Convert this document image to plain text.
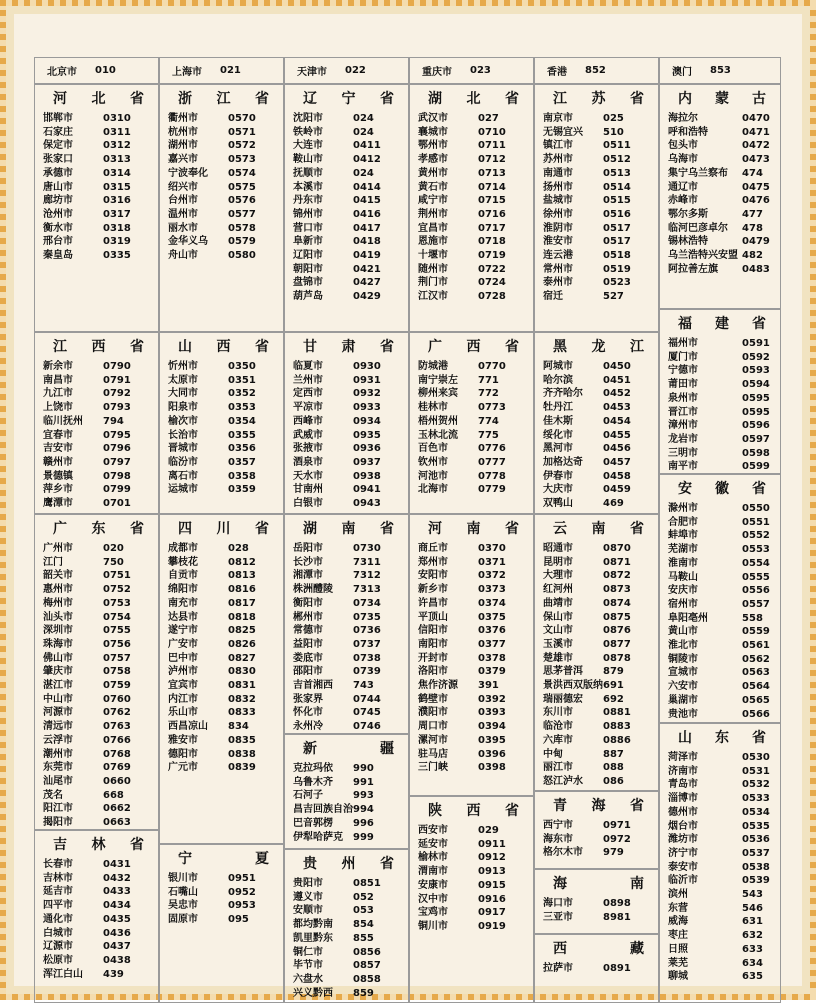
北京市 010	上海市 021	天津市 022	重庆市 023	香港 852	澳门 853
河 北 省
邯郸市	0310
石家庄	0311
保定市	0312
张家口	0313
承德市	0314
唐山市	0315
廊坊市	0316
沧州市	0317
衡水市	0318
邢台市	0319
秦皇岛	0335
江 西 省
新余市	0790
南昌市	0791
九江市	0792
上饶市	0793
临川抚州	794
宜春市	0795
吉安市	0796
赣州市	0797
景德镇	0798
萍乡市	0799
鹰潭市	0701
广 东 省
广州市	020
江门	750
韶关市	0751
惠州市	0752
梅州市	0753
汕头市	0754
深圳市	0755
珠海市	0756
佛山市	0757
肇庆市	0758
湛江市	0759
中山市	0760
河源市	0762
清远市	0763
云浮市	0766
潮州市	0768
东莞市	0769
汕尾市	0660
茂名	668
阳江市	0662
揭阳市	0663
吉 林 省
长春市	0431
吉林市	0432
延吉市	0433
四平市	0434
通化市	0435
白城市	0436
辽源市	0437
松原市	0438
浑江白山	439
浙 江 省
衢州市	0570
杭州市	0571
湖州市	0572
嘉兴市	0573
宁波奉化	0574
绍兴市	0575
台州市	0576
温州市	0577
丽水市	0578
金华义乌	0579
舟山市	0580
山 西 省
忻州市	0350
太原市	0351
大同市	0352
阳泉市	0353
榆次市	0354
长治市	0355
晋城市	0356
临汾市	0357
离石市	0358
运城市	0359
四 川 省
成都市	028
攀枝花	0812
自贡市	0813
绵阳市	0816
南充市	0817
达县市	0818
遂宁市	0825
广安市	0826
巴中市	0827
泸州市	0830
宜宾市	0831
内江市	0832
乐山市	0833
西昌凉山	834
雅安市	0835
德阳市	0838
广元市	0839
宁	夏
银川市	0951
石嘴山	0952
吴忠市	0953
固原市	095
辽 宁 省
沈阳市	024
铁岭市	024
大连市	0411
鞍山市	0412
抚顺市	024
本溪市	0414
丹东市	0415
锦州市	0416
营口市	0417
阜新市	0418
辽阳市	0419
朝阳市	0421
盘锦市	0427
葫芦岛	0429
甘 肃 省
临夏市	0930
兰州市	0931
定西市	0932
平凉市	0933
西峰市	0934
武威市	0935
张掖市	0936
酒泉市	0937
天水市	0938
甘南州	0941
白银市	0943
湖 南 省
岳阳市	0730
长沙市	7311
湘潭市	7312
株洲醴陵	7313
衡阳市	0734
郴州市	0735
常德市	0736
益阳市	0737
娄底市	0738
邵阳市	0739
吉首湘西	743
张家界	0744
怀化市	0745
永州冷	0746
新	疆
克拉玛依	990
乌鲁木齐	991
石河子	993
昌吉回族自治 994
巴音郭楞	996
伊犁哈萨克	999
贵 州 省
贵阳市	0851
遵义市	052
安顺市	053
都均黔南	854
凯里黔东	855
铜仁市	0856
毕节市	0857
六盘水	0858
兴义黔西	859
湖 北 省
武汉市	027
襄城市	0710
鄂州市	0711
孝感市	0712
黄州市	0713
黄石市	0714
咸宁市	0715
荆州市	0716
宜昌市	0717
恩施市	0718
十堰市	0719
随州市	0722
荆门市	0724
江汉市	0728
广 西 省
防城港	0770
南宁崇左	771
柳州来宾	772
桂林市	0773
梧州贺州	774
玉林北流	775
百色市	0776
钦州市	0777
河池市	0778
北海市	0779
河 南 省
商丘市	0370
郑州市	0371
安阳市	0372
新乡市	0373
许昌市	0374
平顶山	0375
信阳市	0376
南阳市	0377
开封市	0378
洛阳市	0379
焦作济源	391
鹤壁市	0392
濮阳市	0393
周口市	0394
漯河市	0395
驻马店	0396
三门峡	0398
陕 西 省
西安市	029
延安市	0911
榆林市	0912
渭南市	0913
安康市	0915
汉中市	0916
宝鸡市	0917
铜川市	0919
江 苏 省
南京市	025
无锡宜兴	510
镇江市	0511
苏州市	0512
南通市	0513
扬州市	0514
盐城市	0515
徐州市	0516
淮阴市	0517
淮安市	0517
连云港	0518
常州市	0519
泰州市	0523
宿迁	527
黑 龙 江
阿城市	0450
哈尔滨	0451
齐齐哈尔	0452
牡丹江	0453
佳木斯	0454
绥化市	0455
黑河市	0456
加格达奇	0457
伊春市	0458
大庆市	0459
双鸭山	469
云 南 省
昭通市	0870
昆明市	0871
大理市	0872
红河州	0873
曲靖市	0874
保山市	0875
文山市	0876
玉溪市	0877
楚雄市	0878
思茅普洱	879
景洪西双版纳 691
瑞丽德宏	692
东川市	0881
临沧市	0883
六库市	0886
中甸	887
丽江市	088
怒江泸水	086
青 海 省
西宁市	0971
海东市	0972
格尔木市	979
海	南
海口市	0898
三亚市	8981
西	藏
拉萨市	0891
内 蒙 古
海拉尔	0470
呼和浩特	0471
包头市	0472
乌海市	0473
集宁乌兰察布	474
通辽市	0475
赤峰市	0476
鄂尔多斯	477
临河巴彦卓尔	478
锡林浩特	0479
乌兰浩特兴安盟 482
阿拉善左旗	0483
福 建 省
福州市	0591
厦门市	0592
宁德市	0593
莆田市	0594
泉州市	0595
晋江市	0595
漳州市	0596
龙岩市	0597
三明市	0598
南平市	0599
安 徽 省
滁州市	0550
合肥市	0551
蚌埠市	0552
芜湖市	0553
淮南市	0554
马鞍山	0555
安庆市	0556
宿州市	0557
阜阳亳州	558
黄山市	0559
淮北市	0561
铜陵市	0562
宣城市	0563
六安市	0564
巢湖市	0565
贵池市	0566
山 东 省
菏泽市	0530
济南市	0531
青岛市	0532
淄博市	0533
德州市	0534
烟台市	0535
潍坊市	0536
济宁市	0537
泰安市	0538
临沂市	0539
滨州	543
东营	546
威海	631
枣庄	632
日照	633
莱芜	634
聊城	635
